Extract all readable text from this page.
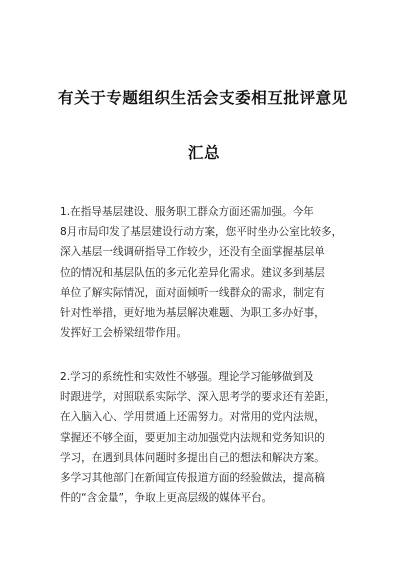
有关于专题组织生活会支委相互批评意见
汇总
1.在指导基层建设、服务职工群众方面还需加强。今年
8月市局印发了基层建设行动方案，您平时坐办公室比较多，
深入基层一线调研指导工作较少，还没有全面掌握基层单
位的情况和基层队伍的多元化差异化需求。建议多到基层
单位了解实际情况，面对面倾听一线群众的需求，制定有
针对性举措，更好地为基层解决难题、为职工多办好事，
发挥好工会桥梁纽带作用。
2.学习的系统性和实效性不够强。理论学习能够做到及
时跟进学，对照联系实际学、深入思考学的要求还有差距，
在入脑入心、学用贯通上还需努力。对常用的党内法规，
掌握还不够全面，要更加主动加强党内法规和党务知识的
学习，在遇到具体问题时多提出自己的想法和解决方案。
多学习其他部门在新闻宣传报道方面的经验做法，提高稿
件的“含金量”，争取上更高层级的媒体平台。
